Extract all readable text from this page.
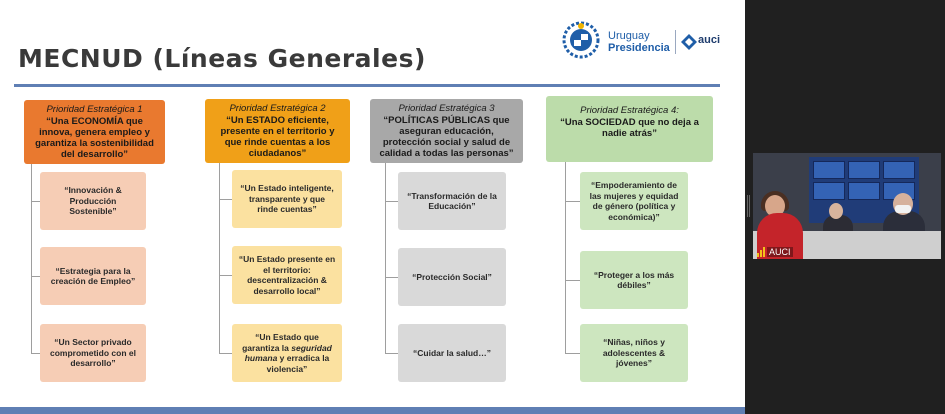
MECNUD (Líneas Generales)
Uruguay
Presidencia
auci
Prioridad Estratégica 1
“Una ECONOMÍA que innova, genera empleo y garantiza la sostenibilidad del desarrollo”
“Innovación & Producción Sostenible”
“Estrategia para la creación de Empleo”
“Un Sector privado comprometido con el desarrollo”
Prioridad Estratégica 2
“Un ESTADO eficiente, presente en el territorio y que rinde cuentas a los ciudadanos”
“Un Estado inteligente, transparente y que rinde cuentas”
“Un Estado presente en el territorio: descentralización & desarrollo local”
“Un Estado que garantiza la seguridad humana y erradica la violencia”
Prioridad Estratégica 3
“POLÍTICAS PÚBLICAS que aseguran educación, protección social y salud de calidad a todas las personas”
“Transformación de la Educación”
“Protección Social”
“Cuidar la salud…”
Prioridad Estratégica 4:
“Una SOCIEDAD que no deja a nadie atrás”
“Empoderamiento de las mujeres y equidad de género (política y económica)”
“Proteger a los más débiles”
“Niñas, niños y adolescentes & jóvenes”
AUCI
